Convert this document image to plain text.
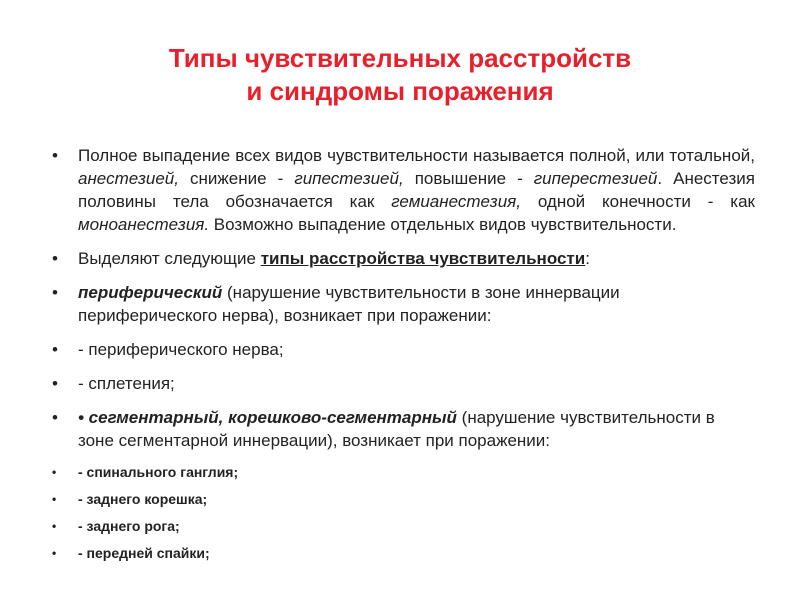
Типы чувствительных расстройств
и синдромы поражения

• Полное выпадение всех видов чувствительности называется полной, или тотальной, анестезией, снижение - гипестезией, повышение - гиперестезией. Анестезия половины тела обозначается как гемианестезия, одной конечности - как моноанестезия. Возможно выпадение отдельных видов чувствительности.

• Выделяют следующие типы расстройства чувствительности:

• периферический (нарушение чувствительности в зоне иннервации периферического нерва), возникает при поражении:

• - периферического нерва;

• - сплетения;

• • сегментарный, корешково-сегментарный (нарушение чувствительности в зоне сегментарной иннервации), возникает при поражении:

• - спинального ганглия;

• - заднего корешка;

• - заднего рога;

• - передней спайки;
